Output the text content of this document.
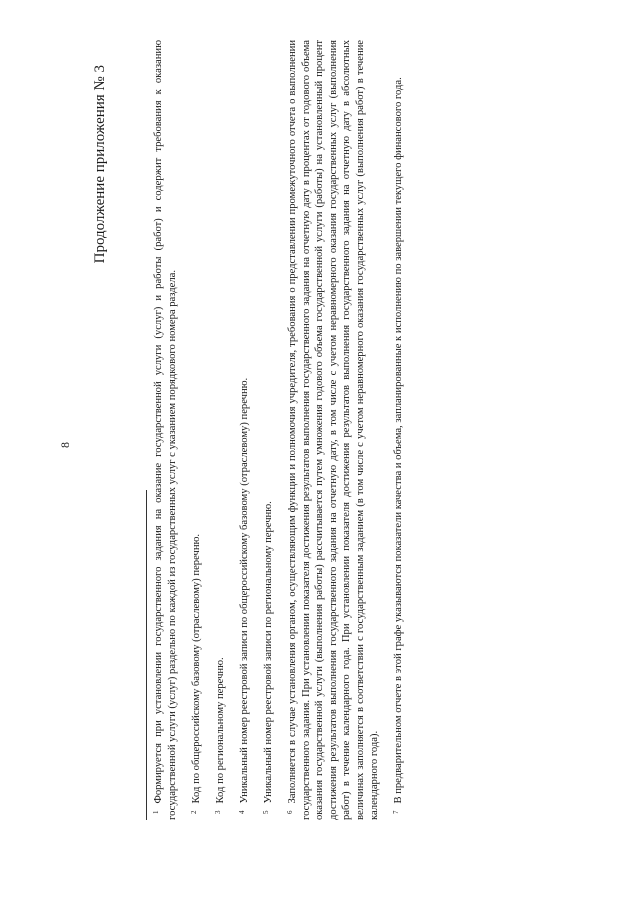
8
Продолжение приложения № 3

$^1$Формируется при установлении государственного задания на оказание государственной услуги (услуг) и работы (работ) и содержит требования к оказанию государственной услуги (услуг) раздельно по каждой из государственных услуг с указанием порядкового номера раздела. $^2$Код по общероссийскому базовому (отраслевому) перечню.

$^3$Код по региональному перечню.

$^4$Уникальный номер реестровой записи по общероссийскому базовому (отраслевому) перечню.

$^5$Уникальный номер реестровой записи по региональному перечню.

$^6$Заполняется в случае установления органом, осуществляющим функции и полномочия учредителя, требования о представлении промежуточного отчета о выполнении государственного задания. При установлении показателя достижения результатов выполнения государственного задания на отчетную дату в процентах от годового объема оказания государственной услуги (выполнения работы) рассчитывается путем умножения годового объема государственной услуги (работы) на установленный процент достижения результатов выполнения государственного задания на отчетную дату, в том числе с учетом неравномерного оказания государственных услуг (выполнения работ) в течение календарного года. При установлении показателя достижения результатов выполнения государственного задания на отчетную дату в абсолютных величинах заполняется в соответствии с государственным заданием (в том числе с учетом неравномерного оказания государственных услуг (выполнения работ) в течение календарного года). $^7$В предварительном отчете в этой графе указываются показатели качества и объема, запланированные к исполнению по завершении текущего финансового года.
